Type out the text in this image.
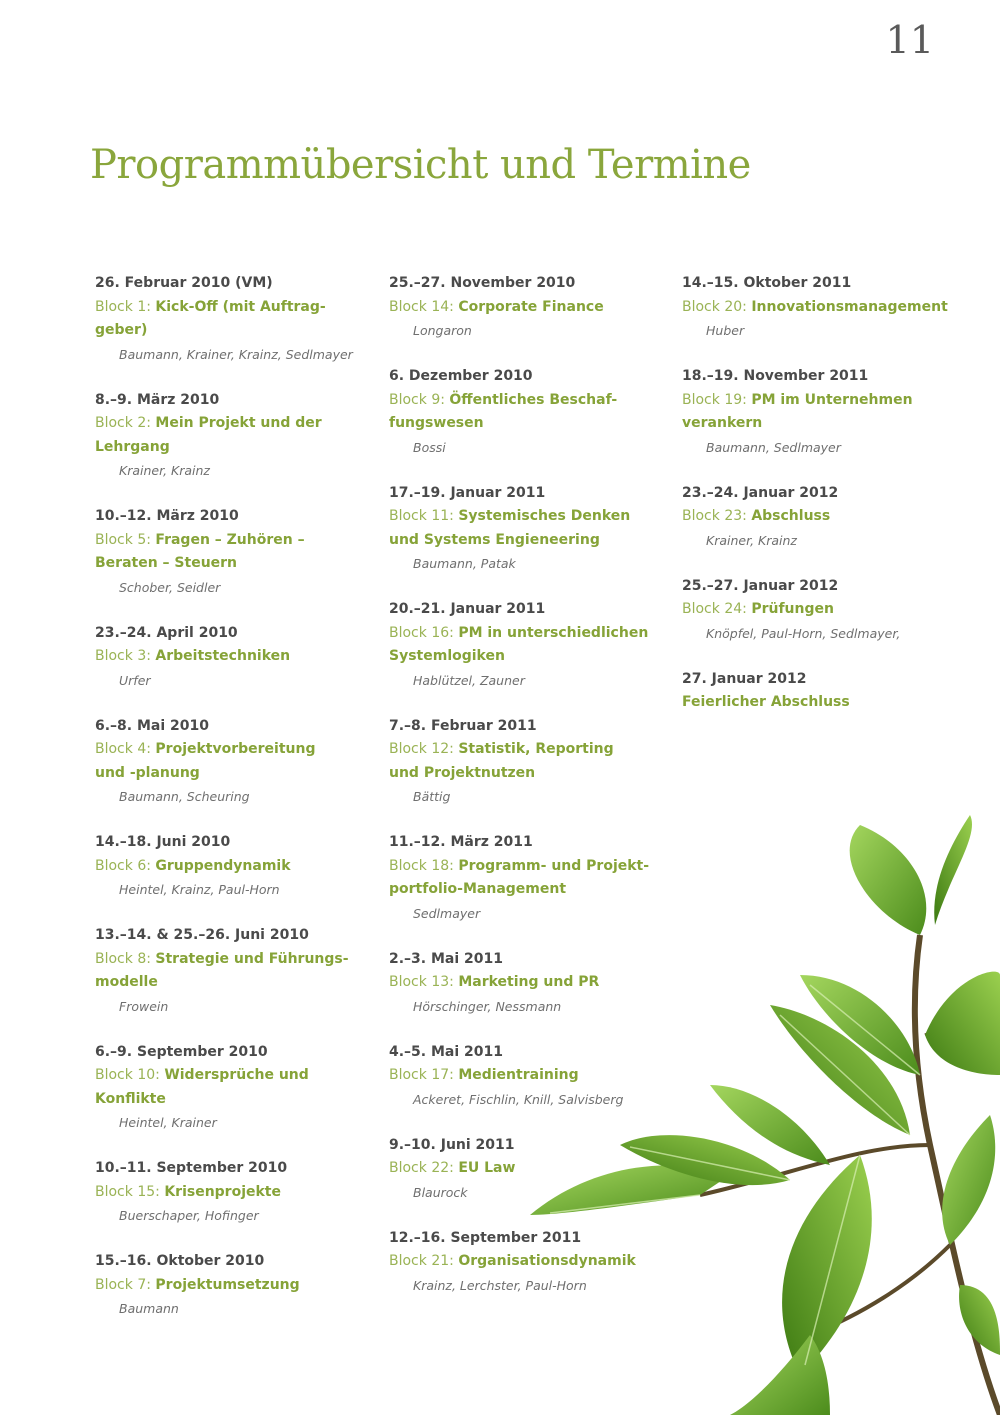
11
Programmübersicht und Termine
26. Februar 2010 (VM)
Block 1: Kick-Off (mit Auftrag-
geber)
Baumann, Krainer, Krainz, Sedlmayer
8.–9. März 2010
Block 2: Mein Projekt und der
Lehrgang
Krainer, Krainz
10.–12. März 2010
Block 5: Fragen – Zuhören –
Beraten – Steuern
Schober, Seidler
23.–24. April 2010
Block 3: Arbeitstechniken
Urfer
6.–8. Mai 2010
Block 4: Projektvorbereitung
und -planung
Baumann, Scheuring
14.–18. Juni 2010
Block 6: Gruppendynamik
Heintel, Krainz, Paul-Horn
13.–14. & 25.–26. Juni 2010
Block 8: Strategie und Führungs-
modelle
Frowein
6.–9. September 2010
Block 10: Widersprüche und Konflikte
Heintel, Krainer
10.–11. September 2010
Block 15: Krisenprojekte
Buerschaper, Hofinger
15.–16. Oktober 2010
Block 7: Projektumsetzung
Baumann
25.–27. November 2010
Block 14: Corporate Finance
Longaron
6. Dezember 2010
Block 9: Öffentliches Beschaf-
fungswesen
Bossi
17.–19. Januar 2011
Block 11: Systemisches Denken
und Systems Engieneering
Baumann, Patak
20.–21. Januar 2011
Block 16: PM in unterschiedlichen
Systemlogiken
Hablützel, Zauner
7.–8. Februar 2011
Block 12: Statistik, Reporting
und Projektnutzen
Bättig
11.–12. März 2011
Block 18: Programm- und Projekt-
portfolio-Management
Sedlmayer
2.–3. Mai 2011
Block 13: Marketing und PR
Hörschinger, Nessmann
4.–5. Mai 2011
Block 17: Medientraining
Ackeret, Fischlin, Knill, Salvisberg
9.–10. Juni 2011
Block 22: EU Law
Blaurock
12.–16. September 2011
Block 21: Organisationsdynamik
Krainz, Lerchster, Paul-Horn
14.–15. Oktober 2011
Block 20: Innovationsmanagement
Huber
18.–19. November 2011
Block 19: PM im Unternehmen
verankern
Baumann, Sedlmayer
23.–24. Januar 2012
Block 23: Abschluss
Krainer, Krainz
25.–27. Januar 2012
Block 24: Prüfungen
Knöpfel, Paul-Horn, Sedlmayer,
27. Januar 2012
Feierlicher Abschluss
